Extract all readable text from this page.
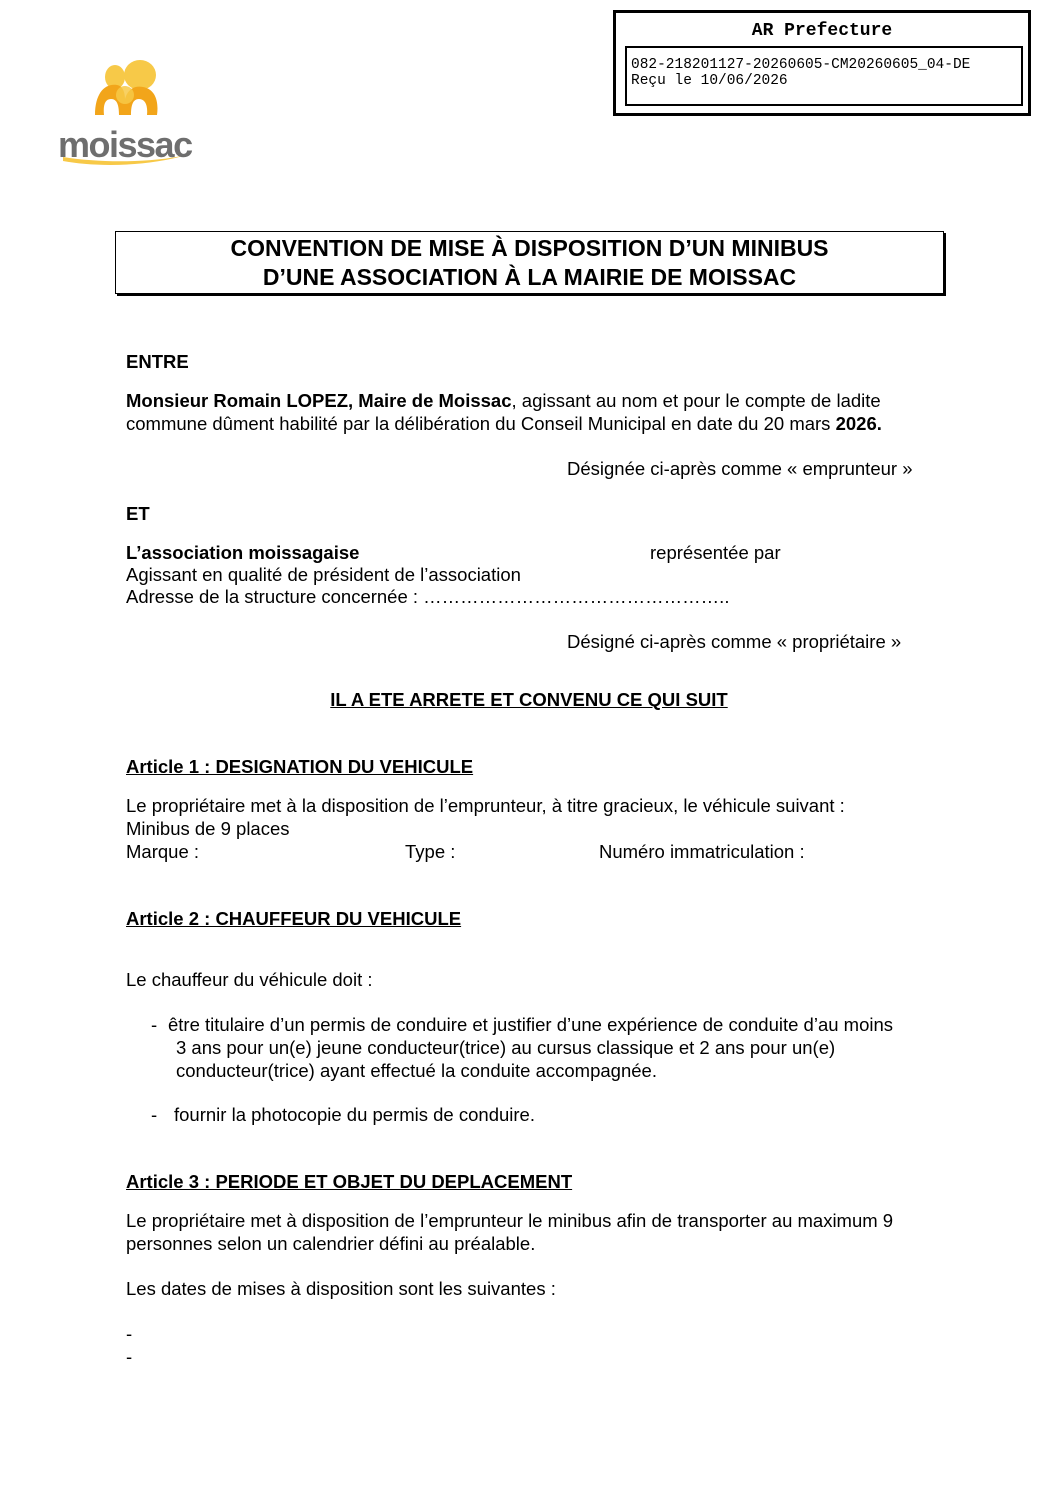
AR Prefecture
082-218201127-20260605-CM20260605_04-DE
Reçu le 10/06/2026
moissac
CONVENTION DE MISE À DISPOSITION D’UN MINIBUS
D’UNE ASSOCIATION À LA MAIRIE DE MOISSAC
ENTRE
Monsieur Romain LOPEZ, Maire de Moissac, agissant au nom et pour le compte de ladite
commune dûment habilité par la délibération du Conseil Municipal en date du 20 mars 2026.
Désignée ci-après comme « emprunteur »
ET
L’association moissagaise	représentée par
Agissant en qualité de président de l’association
Adresse de la structure concernée : …………………………………………..
Désigné ci-après comme « propriétaire »
IL A ETE ARRETE ET CONVENU CE QUI SUIT
Article 1 : DESIGNATION DU VEHICULE
Le propriétaire met à la disposition de l’emprunteur, à titre gracieux, le véhicule suivant :
Minibus de 9 places
Marque :	Type :	Numéro immatriculation :
Article 2 : CHAUFFEUR DU VEHICULE
Le chauffeur du véhicule doit :
- être titulaire d’un permis de conduire et justifier d’une expérience de conduite d’au moins
3 ans pour un(e) jeune conducteur(trice) au cursus classique et 2 ans pour un(e)
conducteur(trice) ayant effectué la conduite accompagnée.
- fournir la photocopie du permis de conduire.
Article 3 : PERIODE ET OBJET DU DEPLACEMENT
Le propriétaire met à disposition de l’emprunteur le minibus afin de transporter au maximum 9
personnes selon un calendrier défini au préalable.
Les dates de mises à disposition sont les suivantes :
-
-
